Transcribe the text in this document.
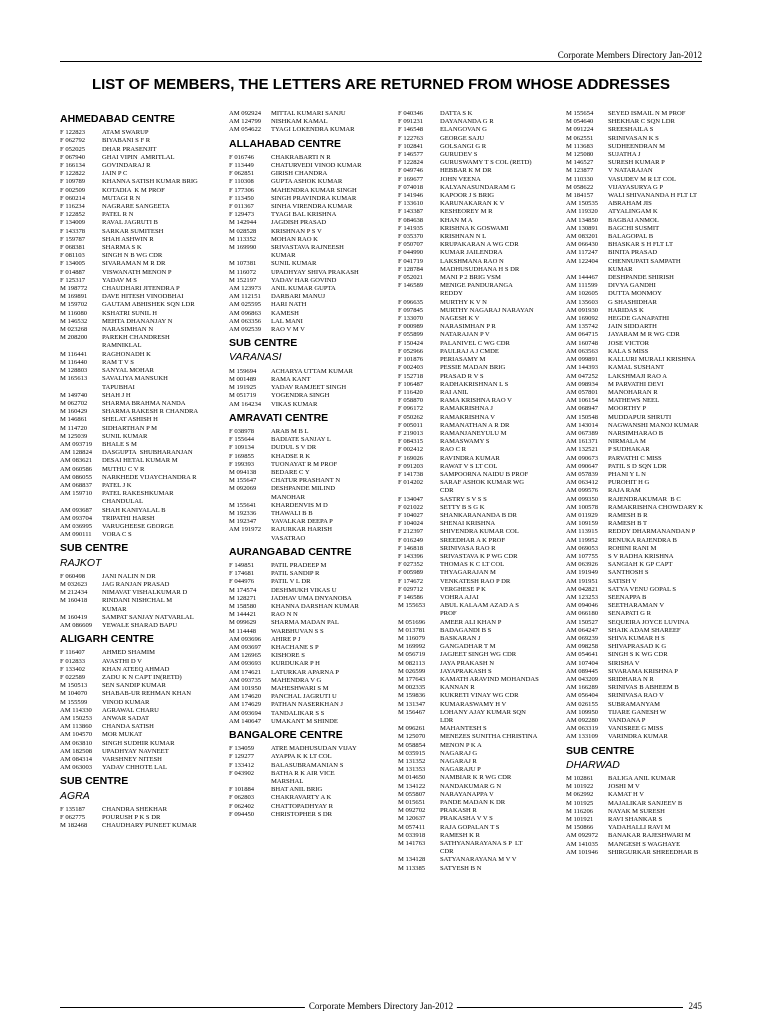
Corporate Members Directory Jan-2012
LIST OF MEMBERS, THE LETTERS ARE RETURNED FROM WHOSE ADDRESSES
AHMEDABAD CENTRE
F 122823	ATAM SWARUP
F 062792	BIYABANI S F R
F 052025	DHAR PRASENJIT
F 067940	GHAI VIPIN  AMRITLAL
F 166134	GOVINDARAJ R
F 122822	JAIN P C
F 109789	KHANNA SATISH KUMAR BRIG
F 002509	KOTADIA  K M PROF
F 060214	MUTAGI R N
F 116234	NAGRARE SANGEETA
F 122852	PATEL R N
F 134009	RAVAL JAGRUTI B
F 143378	SARKAR SUMITESH
F 159787	SHAH ASHWIN R
F 068381	SHARMA S K
F 081103	SINGH N B WG CDR
F 134005	SIVARAMAN M R DR
F 014887	VISWANATH MENON P
F 125317	YADAV M S
M 198772	CHAUDHARI JITENDRA P
M 169891	DAVE HITESH VINODBHAI
M 159702	GAUTAM ABHISHEK SQN LDR
M 116080	KSHATRI SUNIL H
M 146532	MEHTA DHANANJAY N
M 023268	NARASIMHAN N
M 208200	PAREKH CHANDRESH
RAMNIKLAL
M 116441	RAGHONADH K
M 116440	RAM T V S
M 128803	SANYAL MOHAR
M 165613	SAVALIYA MANSUKH
TAPUBHAI
M 149740	SHAH J H
M 062702	SHARMA BRAHMA NANDA
M 160429	SHARMA RAKESH R CHANDRA
M 146861	SHELAT ASHISH H
M 114720	SIDHARTHAN P M
M 125039	SUNIL KUMAR
AM 093719	BHALE S M
AM 128824	DASGUPTA  SHUBHARANJAN
AM 083621	DESAI HETAL KUMAR M
AM 060586	MUTHU C V R
AM 086055	NARKHEDE VIJAYCHANDRA R
AM 068837	PATEL J K
AM 159710	PATEL RAKESHKUMAR
CHANDULAL
AM 093687	SHAH KANIYALAL B
AM 093704	TRIPATHI HARSH
AM 036995	VARUGHEESE GEORGE
AM 090111	VORA C S
SUB CENTRE
RAJKOT
F 060498	JANI NALIN N DR
M 032623	JAG RANJAN PRASAD
M 212434	NIMAVAT VISHALKUMAR D
M 160418	RINDANI NISHCHAL M
KUMAR
M 160419	SAMPAT SANJAY NATVARLAL
AM 086609	YEWALE SHARAD BAPU
ALIGARH CENTRE
F 116407	AHMED SHAMIM
F 012833	AVASTHI D V
F 133402	KHAN ATEEQ AHMAD
F 022589	ZADU K N CAPT IN(RETD)
M 150513	SEN SANDIP KUMAR
M 104070	SHABAB-UR REHMAN KHAN
M 155599	VINOD KUMAR
AM 114330	AGRAWAL CHARU
AM 150253	ANWAR SADAT
AM 113860	CHANDA SATISH
AM 104570	MOR MUKAT
AM 063810	SINGH SUDHIR KUMAR
AM 182508	UPADHYAY NAVNEET
AM 084314	VARSHNEY NITESH
AM 063003	YADAV CHHOTE LAL
SUB CENTRE
AGRA
F 135187	CHANDRA SHEKHAR
F 062775	POURUSH P K S DR
M 182468	CHAUDHARY PUNEET KUMAR
AM 092924	MITTAL KUMARI SANJU
AM 124799	NISHKAM KAMAL
AM 054622	TYAGI LOKENDRA KUMAR
ALLAHABAD CENTRE
F 016746	CHAKRABARTI N R
F 113449	CHATURVEDI VINOD KUMAR
F 062851	GIRISH CHANDRA
F 110308	GUPTA ASHOK KUMAR
F 177306	MAHENDRA KUMAR SINGH
F 113450	SINGH PRAVINDRA KUMAR
F 011367	SINHA VIRENDRA KUMAR
F 129473	TYAGI BAL KRISHNA
M 142944	JAGDISH PRASAD
M 028528	KRISHNAN P S V
M 113352	MOHAN RAO K
M 169990	SRIVASTAVA RAJNEESH
KUMAR
M 107381	SUNIL KUMAR
M 116072	UPADHYAY SHIVA PRAKASH
M 152197	YADAV HAR GOVIND
AM 123973	ANIL KUMAR GUPTA
AM 112151	DARBARI MANUJ
AM 025595	HARI NATH
AM 096863	KAMESH
AM 063356	LAL MANI
AM 092539	RAO V M V
SUB CENTRE
VARANASI
M 159694	ACHARYA UTTAM KUMAR
M 001489	RAMA KANT
M 191925	YADAV RAMJEET SINGH
M 051719	YOGENDRA SINGH
AM 164234	VIKAS KUMAR
AMRAVATI CENTRE
F 038978	ARAB M B L
F 155644	BADIATE SANJAY L
F 109134	DUDUL S V DR
F 169855	KHADSE R K
F 199393	TUONAYAT R M PROF
M 094138	BEDARE C Y
M 155647	CHATUR PRASHANT N
M 092069	DESHPANDE MILIND
MANOHAR
M 155641	KHARDENVIS M D
M 192336	THAWALI B B
M 192347	YAVALKAR DEEPA P
AM 191972	RAJURKAR HARISH
VASATRAO
AURANGABAD CENTRE
F 149851	PATIL PRADEEP M
F 174681	PATIL SANDIP R
F 044976	PATIL V L DR
M 174574	DESHMUKH VIKAS U
M 128271	JADHAV UMA DNYANOBA
M 158580	KHANNA DARSHAN KUMAR
M 144421	RAO N N
M 099629	SHARMA MADAN PAL
M 114448	WARBHUVAN S S
AM 093696	AHIRE P J
AM 093697	KHACHANE S P
AM 126965	KISHORE S
AM 093693	KURDUKAR P H
AM 174621	LATURKAR APARNA P
AM 093735	MAHENDRA V G
AM 101950	MAHESHWARI S M
AM 174620	PANCHAL JAGRUTI U
AM 174629	PATHAN NASERKHAN J
AM 093694	TANDALIKAR S S
AM 140647	UMAKANT M SHINDE
BANGALORE CENTRE
F 134059	ATRE MADHUSUDAN VIJAY
F 129277	AYAPPA K K LT COL
F 133412	BALASUBRAMANIAN S
F 043902	BATHA R K AIR VICE
MARSHAL
F 101884	BHAT ANIL BRIG
F 062803	CHAKRAVARTY A K
F 062402	CHATTOPADHYAY R
F 094450	CHRISTOPHER S DR
F 040346	DATTA S K
F 091231	DAYANANDA G R
F 146548	ELANGOVAN G
F 122763	GEORGE SAJU
F 102841	GOLSANGI G R
F 146577	GURUDEV S
F 122824	GURUSWAMY T S COL (RETD)
F 049746	HEBBAR K M DR
F 169677	JOHN VEENA
F 074018	KALYANASUNDARAM G
F 141946	KAPOOR J S BRIG
F 133610	KARUNAKARAN K V
F 143387	KESHEOREY M R
F 084638	KHAN M A
F 141935	KRISHNA K GOSWAMI
F 035370	KRISHNAN N L
F 050707	KRUPAKARAN A WG CDR
F 044990	KUMAR JAILENDRA
F 041719	LAKSHMANA RAO N
F 128784	MADHUSUDHANA H S DR
F 052021	MANI P 2 BRIG VSM
F 146589	MENIGE PANDURANGA
REDDY
F 096635	MURTHY K V N
F 097845	MURTHY NAGARAJ NARAYAN
F 133070	NAGESH K V
F 000989	NARASIMHAN P R
F 055899	NATARAJAN P V
F 150424	PALANIVEL C WG CDR
F 052966	PAULRAJ A J CMDE
F 101876	PERIASAMY M
F 002403	PESSIE MADAN BRIG
F 152718	PRASAD R V S
F 106487	RADHAKRISHNAN L S
F 116420	RAI ANIL
F 058870	RAMA KRISHNA RAO V
F 096172	RAMAKRISHNA J
F 050262	RAMAKRISHNA V
F 005011	RAMANATHAN A R DR
F 219013	RAMANJANEYULU M
F 084315	RAMASWAMY S
F 002412	RAO C R
F 169026	RAVINDRA KUMAR
F 091203	RAWAT V S LT COL
F 141738	SAMPOORNA NAIDU B PROF
F 014202	SARAF ASHOK KUMAR WG
CDR
F 134047	SASTRY S V S S
F 021022	SETTY B S G K
F 104027	SHANKARANANDA B DR
F 104024	SHENAI KRISHNA
F 212397	SHIVENDRA KUMAR COL
F 016249	SREEDHAR A K PROF
F 146818	SRINIVASA RAO R
F 143396	SRIVASTAVA K P WG CDR
F 027352	THOMAS K C LT COL
F 005989	THYAGARAJAN M
F 174672	VENKATESH RAO P DR
F 029712	VERGHESE P K
F 146586	VOHRA AJAI
M 155653	ABUL KALAAM AZAD A S
PROF
M 051696	AMEER ALI KHAN P
M 013781	BADAGANDI B S
M 116079	BASKARAN J
M 169992	GANGADHAR T M
M 056719	JAGJEET SINGH WG CDR
M 082113	JAYA PRAKASH N
M 026599	JAYAPRAKASH S
M 177643	KAMATH ARAVIND MOHANDAS
M 002335	KANNAN R
M 159836	KUKRETI VINAY WG CDR
M 131347	KUMARASWAMY H V
M 156467	LOHANY AJAY KUMAR SQN
LDR
M 096261	MAHANTESH S
M 125070	MENEZES SUNITHA CHRISTINA
M 058854	MENON P K A
M 035915	NAGARAJ G
M 131352	NAGARAJ R
M 131353	NAGARAJU P
M 014650	NAMBIAR K R WG CDR
M 134122	NANDAKUMAR G N
M 055807	NARAYANAPPA V
M 015651	PANDE MADAN K DR
M 092702	PRAKASH R
M 120637	PRAKASHA V V S
M 057411	RAJA GOPALAN T S
M 033918	RAMESH K R
M 141763	SATHYANARAYANA S P  LT
CDR
M 134128	SATYANARAYANA M V V
M 113385	SATYESH B N
M 155654	SEYED ISMAIL N M PROF
M 054640	SHEKHAR C SQN LDR
M 091224	SREESHAILA S
M 062551	SRINIVASAN K S
M 113683	SUDHEENDRAN M
M 125080	SUJATHA J
M 146527	SURESH KUMAR P
M 123877	V NATARAJAN
M 110330	VASUDEV M R LT COL
M 058622	VIJAYASURYA G P
M 184157	WALI SHIVANANDA H FLT LT
AM 150535	ABRAHAM JIS
AM 119320	ATYALINGAM K
AM 134850	BAGBAI ANMOL
AM 130891	BAGCHI SUSMIT
AM 083201	BALAGOPAL B
AM 066430	BHASKAR S H FLT LT
AM 117247	BINITA PRASAD
AM 122404	CHENNUPATI SAMPATH
KUMAR
AM 144467	DESHPANDE SHIRISH
AM 111599	DIVYA GANDHI
AM 102605	DUTTA MONMOY
AM 135603	G SHASHIDHAR
AM 091930	HARIDAS K
AM 169092	HEGDE GANAPATHI
AM 135742	JAIN SIDDARTH
AM 064715	JAYARAM M R WG CDR
AM 160748	JOSE VICTOR
AM 063563	KALA S MISS
AM 099891	KALLURI MURALI KRISHNA
AM 144393	KAMAL SUSHANT
AM 047252	LAKSHMAJI RAO A
AM 098934	M PARVATHI DEVI
AM 057801	MANOHARAN R
AM 106154	MATHEWS NEEL
AM 068947	MOORTHY P
AM 150548	MUDDAPUR SHRUTI
AM 143014	NAGWANSHI MANOJ KUMAR
AM 067389	NARSIMHARAO B
AM 161371	NIRMALA M
AM 132521	P SUDHAKAR
AM 090673	PARVATHI C MISS
AM 090647	PATIL S D SQN LDR
AM 057839	PHANI Y L N
AM 063412	PUROHIT H G
AM 099576	RAJA RAM
AM 099350	RAJENDRAKUMAR  B C
AM 100578	RAMAKRISHNA CHOWDARY K
AM 011929	RAMESH B R
AM 109159	RAMESH B T
AM 113915	REDDY DHARMANANDAN P
AM 119952	RENUKA RAJENDRA B
AM 069053	ROHINI RANI M
AM 107755	S V RADHA KRISHNA
AM 063926	SANGIAH K GP CAPT
AM 191949	SANTHOSH S
AM 191951	SATISH V
AM 042821	SATYA VENU GOPAL S
AM 123253	SEENAPPA B
AM 094046	SEETHARAMAN V
AM 066180	SENAPATI G R
AM 150527	SEQUEIRA JOYCE LUVINA
AM 064247	SHAIK ADAM SHAREEF
AM 069239	SHIVA KUMAR H S
AM 098258	SHIVAPRASAD K G
AM 054641	SINGH S K WG CDR
AM 107404	SIRISHA V
AM 089445	SIVARAMA KRISHNA P
AM 043209	SRIDHARA N R
AM 166289	SRINIVAS B ABHEEM B
AM 056404	SRINIVASA RAO V
AM 026155	SUBRAMANYAM
AM 109950	TIJARE GANESH W
AM 092280	VANDANA P
AM 063319	VANISREE G MISS
AM 133109	VARINDRA KUMAR
SUB CENTRE
DHARWAD
M 102861	BALIGA ANIL KUMAR
M 101922	JOSHI M V
M 062992	KAMAT H V
M 101925	MAJALIKAR SANJEEV B
M 116206	NAYAK M SURESH
M 101921	RAVI SHANKAR S
M 150866	YADAHALLI RAVI M
AM 092972	BANAKAR RAJESHWARI M
AM 141035	MANGESH S WAGHAYE
AM 101946	SHIRGURKAR SHREEDHAR B
Corporate Members Directory Jan-2012	245
